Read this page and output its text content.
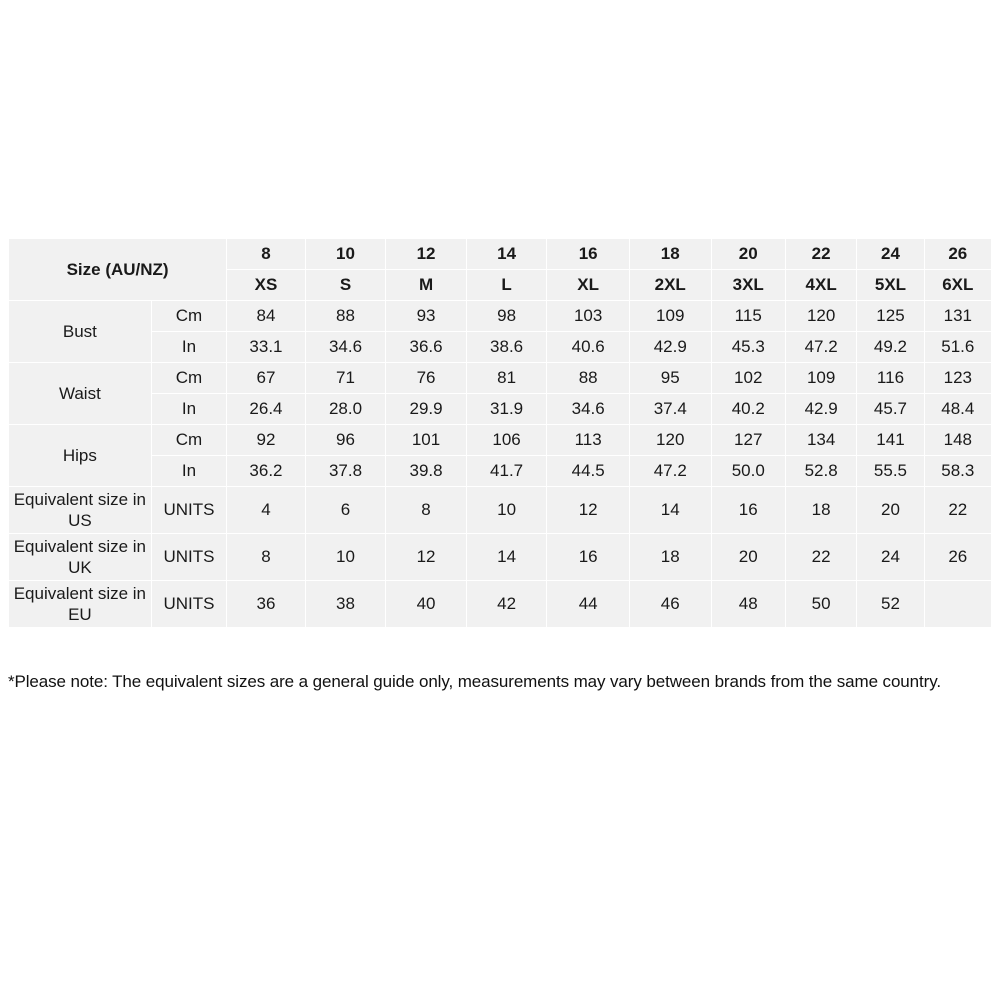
Size (AU/NZ)		8	10	12	14	16	18	20	22	24	26
		XS	S	M	L	XL	2XL	3XL	4XL	5XL	6XL
Bust	Cm	84	88	93	98	103	109	115	120	125	131
	In	33.1	34.6	36.6	38.6	40.6	42.9	45.3	47.2	49.2	51.6
Waist	Cm	67	71	76	81	88	95	102	109	116	123
	In	26.4	28.0	29.9	31.9	34.6	37.4	40.2	42.9	45.7	48.4
Hips	Cm	92	96	101	106	113	120	127	134	141	148
	In	36.2	37.8	39.8	41.7	44.5	47.2	50.0	52.8	55.5	58.3
Equivalent size in US	UNITS	4	6	8	10	12	14	16	18	20	22
Equivalent size in UK	UNITS	8	10	12	14	16	18	20	22	24	26
Equivalent size in EU	UNITS	36	38	40	42	44	46	48	50	52	
*Please note: The equivalent sizes are a general guide only, measurements may vary between brands from the same country.
